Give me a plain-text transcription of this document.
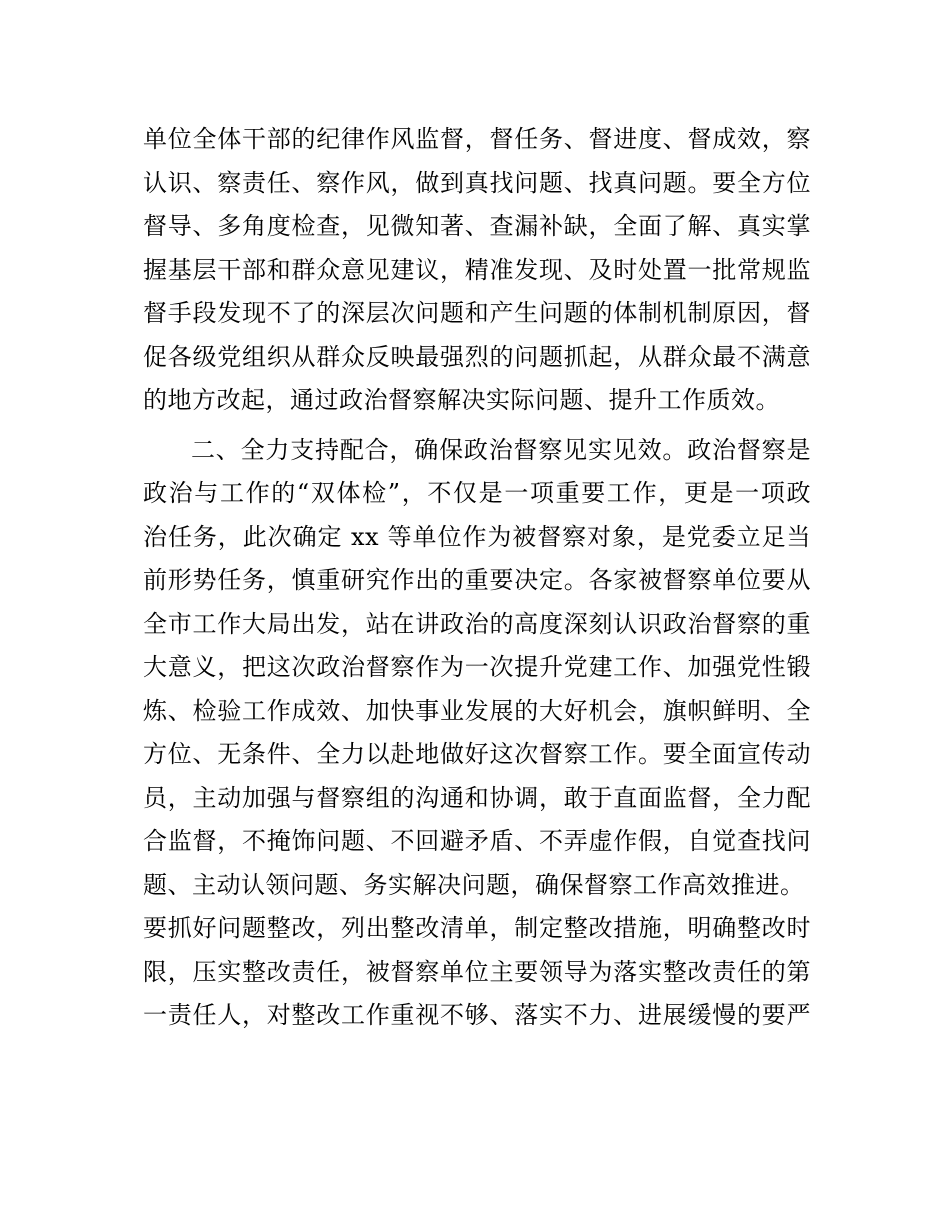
单位全体干部的纪律作风监督，督任务、督进度、督成效，察
认识、察责任、察作风，做到真找问题、找真问题。要全方位
督导、多角度检查，见微知著、查漏补缺，全面了解、真实掌
握基层干部和群众意见建议，精准发现、及时处置一批常规监
督手段发现不了的深层次问题和产生问题的体制机制原因，督
促各级党组织从群众反映最强烈的问题抓起，从群众最不满意
的地方改起，通过政治督察解决实际问题、提升工作质效。
二、全力支持配合，确保政治督察见实见效。政治督察是
政治与工作的“双体检”，不仅是一项重要工作，更是一项政
治任务，此次确定 xx 等单位作为被督察对象，是党委立足当
前形势任务，慎重研究作出的重要决定。各家被督察单位要从
全市工作大局出发，站在讲政治的高度深刻认识政治督察的重
大意义，把这次政治督察作为一次提升党建工作、加强党性锻
炼、检验工作成效、加快事业发展的大好机会，旗帜鲜明、全
方位、无条件、全力以赴地做好这次督察工作。要全面宣传动
员，主动加强与督察组的沟通和协调，敢于直面监督，全力配
合监督，不掩饰问题、不回避矛盾、不弄虚作假，自觉查找问
题、主动认领问题、务实解决问题，确保督察工作高效推进。
要抓好问题整改，列出整改清单，制定整改措施，明确整改时
限，压实整改责任，被督察单位主要领导为落实整改责任的第
一责任人，对整改工作重视不够、落实不力、进展缓慢的要严
